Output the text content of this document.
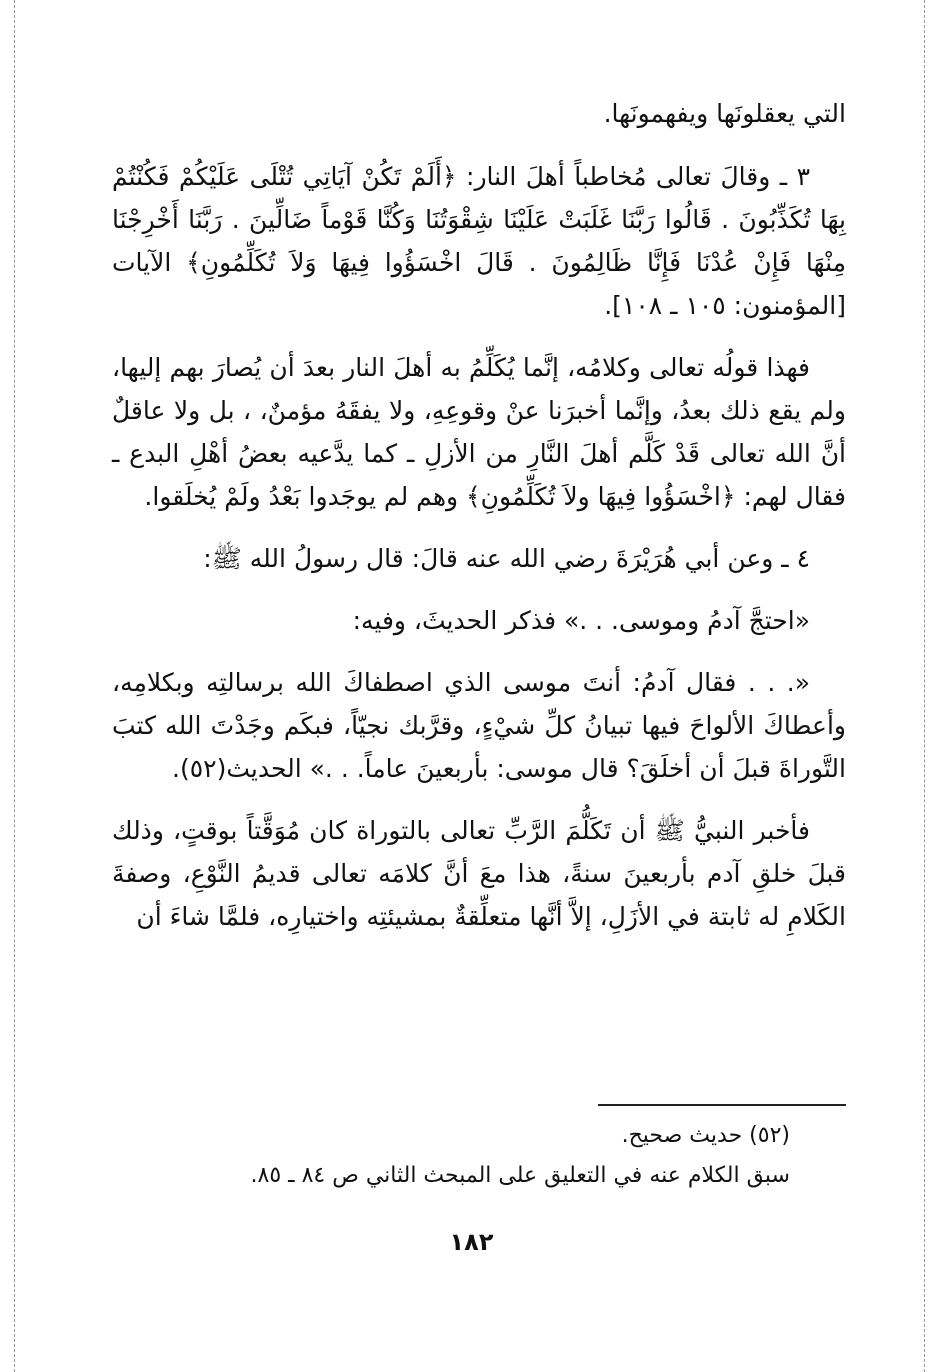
التي يعقلونَها ويفهمونَها.

٣ ـ وقالَ تعالى مُخاطباً أهلَ النار: ﴿أَلَمْ تَكُنْ آيَاتِي تُتْلَى عَلَيْكُمْ فَكُنْتُمْ بِهَا تُكَذِّبُونَ . قَالُوا رَبَّنَا غَلَبَتْ عَلَيْنَا شِقْوَتُنَا وَكُنَّا قَوْماً ضَالِّينَ . رَبَّنَا أَخْرِجْنَا مِنْهَا فَإِنْ عُدْنَا فَإِنَّا ظَالِمُونَ . قَالَ اخْسَؤُوا فِيهَا وَلاَ تُكَلِّمُونِ﴾ الآيات [المؤمنون: ١٠٥ ـ ١٠٨].

فهذا قولُه تعالى وكلامُه، إنَّما يُكَلِّمُ به أهلَ النار بعدَ أن يُصارَ بهم إليها، ولم يقع ذلك بعدُ، وإنَّما أخبرَنا عنْ وقوعِهِ، ولا يفقَهُ مؤمنٌ، ، بل ولا عاقلٌ أنَّ الله تعالى قَدْ كَلَّم أهلَ النَّارِ من الأزلِ ـ كما يدَّعيه بعضُ أهْلِ البدع ـ فقال لهم: ﴿اخْسَؤُوا فِيهَا ولاَ تُكَلِّمُونِ﴾ وهم لم يوجَدوا بَعْدُ ولَمْ يُخلَقوا.

٤ ـ وعن أبي هُرَيْرَةَ رضي الله عنه قالَ: قال رسولُ الله ﷺ:

«احتجَّ آدمُ وموسى. . .» فذكر الحديثَ، وفيه:

«. . . فقال آدمُ: أنتَ موسى الذي اصطفاكَ الله برسالتِه وبكلامِه، وأعطاكَ الألواحَ فيها تبيانُ كلِّ شيْءٍ، وقرَّبك نجيّاً، فبكَم وجَدْتَ الله كتبَ التَّوراةَ قبلَ أن أخلَقَ؟ قال موسى: بأربعينَ عاماً. . .» الحديث(٥٢).

فأخبر النبيُّ ﷺ أن تَكَلُّمَ الرَّبِّ تعالى بالتوراة كان مُوَقَّتاً بوقتٍ، وذلك قبلَ خلقِ آدم بأربعينَ سنةً، هذا معَ أنَّ كلامَه تعالى قديمُ النَّوْعِ، وصفةَ الكَلامِ له ثابتة في الأزَلِ، إلاَّ أنَّها متعلِّقةٌ بمشيئتِه واختيارِه، فلمَّا شاءَ أن

(٥٢) حديث صحيح.
سبق الكلام عنه في التعليق على المبحث الثاني ص ٨٤ ـ ٨٥.
١٨٢
